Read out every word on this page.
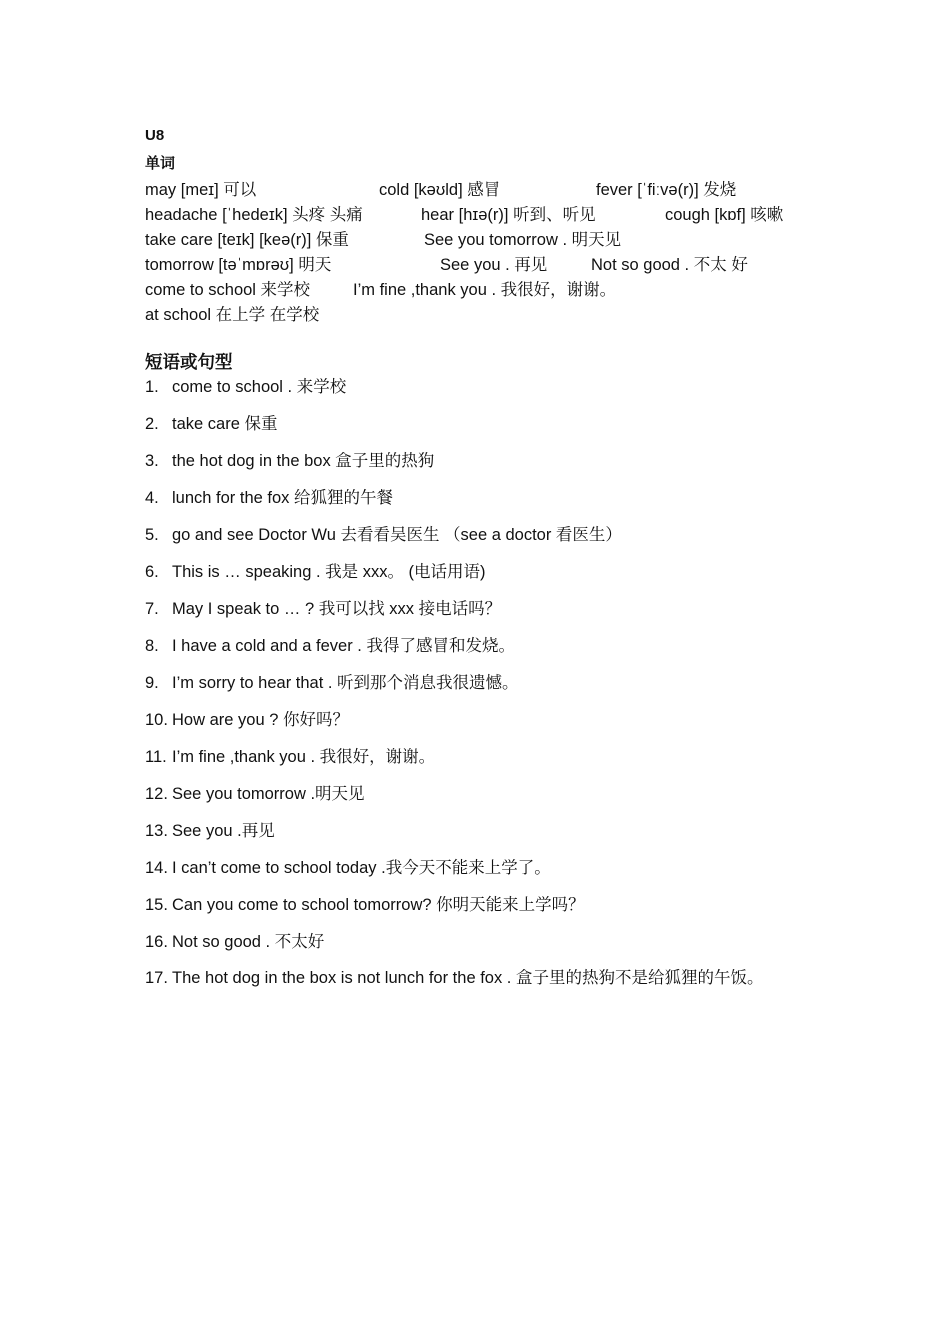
U8
单词
may [meɪ] 可以	cold [kəʊld] 感冒	fever [ˈfiːvə(r)] 发烧
headache [ˈhedeɪk] 头疼 头痛	hear [hɪə(r)] 听到、听见	cough [kɒf] 咳嗽
take care [teɪk] [keə(r)] 保重	See you tomorrow . 明天见
tomorrow [təˈmɒrəʊ] 明天	See you . 再见	Not so good . 不太 好
come to school 来学校	I’m fine ,thank you . 我很好，谢谢。
at school 在上学 在学校
短语或句型
1. come to school . 来学校
2. take care 保重
3. the hot dog in the box 盒子里的热狗
4. lunch for the fox 给狐狸的午餐
5. go and see Doctor Wu 去看看吴医生 （see a doctor 看医生）
6. This is … speaking . 我是 xxx。 (电话用语)
7. May I speak to … ? 我可以找 xxx 接电话吗？
8. I have a cold and a fever . 我得了感冒和发烧。
9. I’m sorry to hear that . 听到那个消息我很遗憾。
10. How are you ? 你好吗？
11. I’m fine ,thank you . 我很好，谢谢。
12. See you tomorrow .明天见
13. See you .再见
14. I can’t come to school today .我今天不能来上学了。
15. Can you come to school tomorrow? 你明天能来上学吗？
16. Not so good . 不太好
17. The hot dog in the box is not lunch for the fox . 盒子里的热狗不是给狐狸的午饭。
